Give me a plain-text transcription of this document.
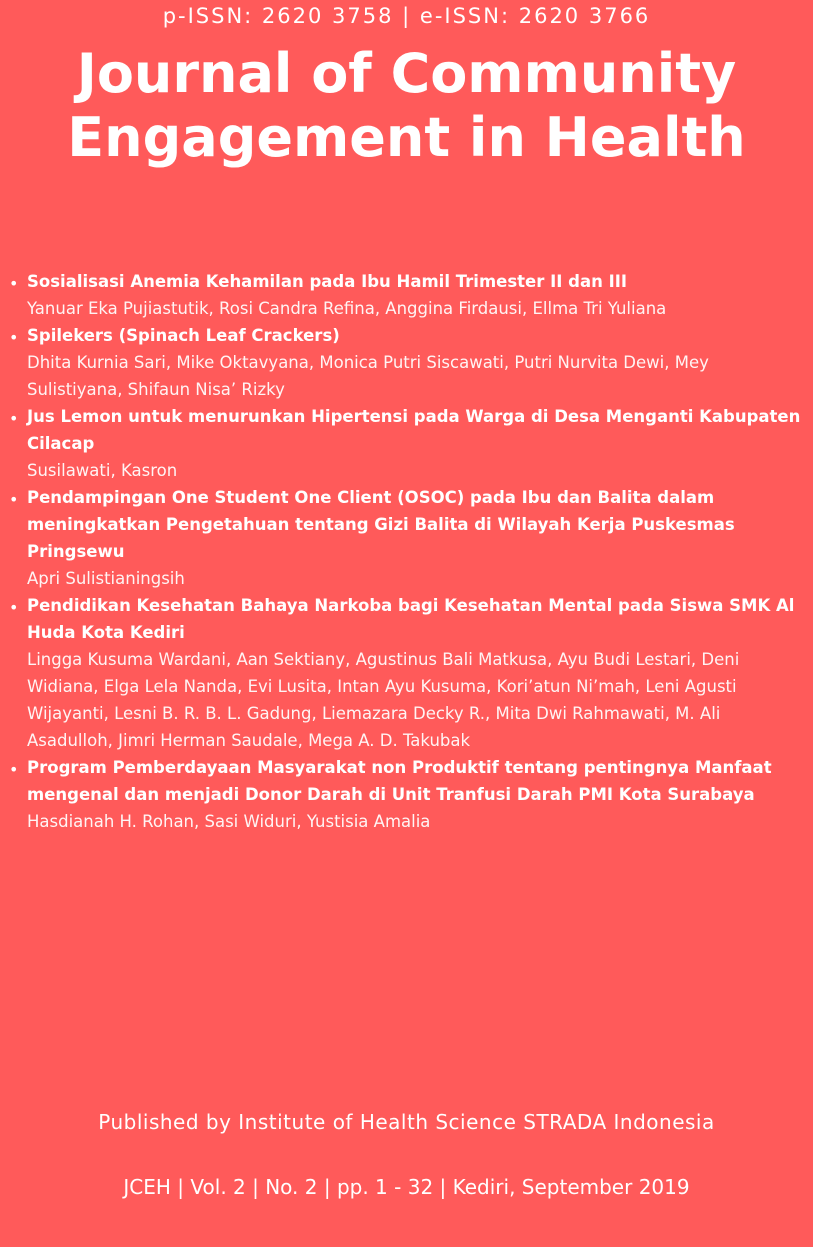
p-ISSN: 2620 3758 | e-ISSN: 2620 3766
Journal of Community
Engagement in Health
• Sosialisasi Anemia Kehamilan pada Ibu Hamil Trimester II dan III
Yanuar Eka Pujiastutik, Rosi Candra Refina, Anggina Firdausi, Ellma Tri Yuliana
• Spilekers (Spinach Leaf Crackers)
Dhita Kurnia Sari, Mike Oktavyana, Monica Putri Siscawati, Putri Nurvita Dewi, Mey Sulistiyana, Shifaun Nisa’ Rizky
• Jus Lemon untuk menurunkan Hipertensi pada Warga di Desa Menganti Kabupaten Cilacap
Susilawati, Kasron
• Pendampingan One Student One Client (OSOC) pada Ibu dan Balita dalam meningkatkan Pengetahuan tentang Gizi Balita di Wilayah Kerja Puskesmas Pringsewu
Apri Sulistianingsih
• Pendidikan Kesehatan Bahaya Narkoba bagi Kesehatan Mental pada Siswa SMK Al Huda Kota Kediri
Lingga Kusuma Wardani, Aan Sektiany, Agustinus Bali Matkusa, Ayu Budi Lestari, Deni Widiana, Elga Lela Nanda, Evi Lusita, Intan Ayu Kusuma, Kori’atun Ni’mah, Leni Agusti Wijayanti, Lesni B. R. B. L. Gadung, Liemazara Decky R., Mita Dwi Rahmawati, M. Ali Asadulloh, Jimri Herman Saudale, Mega A. D. Takubak
• Program Pemberdayaan Masyarakat non Produktif tentang pentingnya Manfaat mengenal dan menjadi Donor Darah di Unit Tranfusi Darah PMI Kota Surabaya
Hasdianah H. Rohan, Sasi Widuri, Yustisia Amalia
Published by Institute of Health Science STRADA Indonesia
JCEH | Vol. 2 | No. 2 | pp. 1 - 32 | Kediri, September 2019
